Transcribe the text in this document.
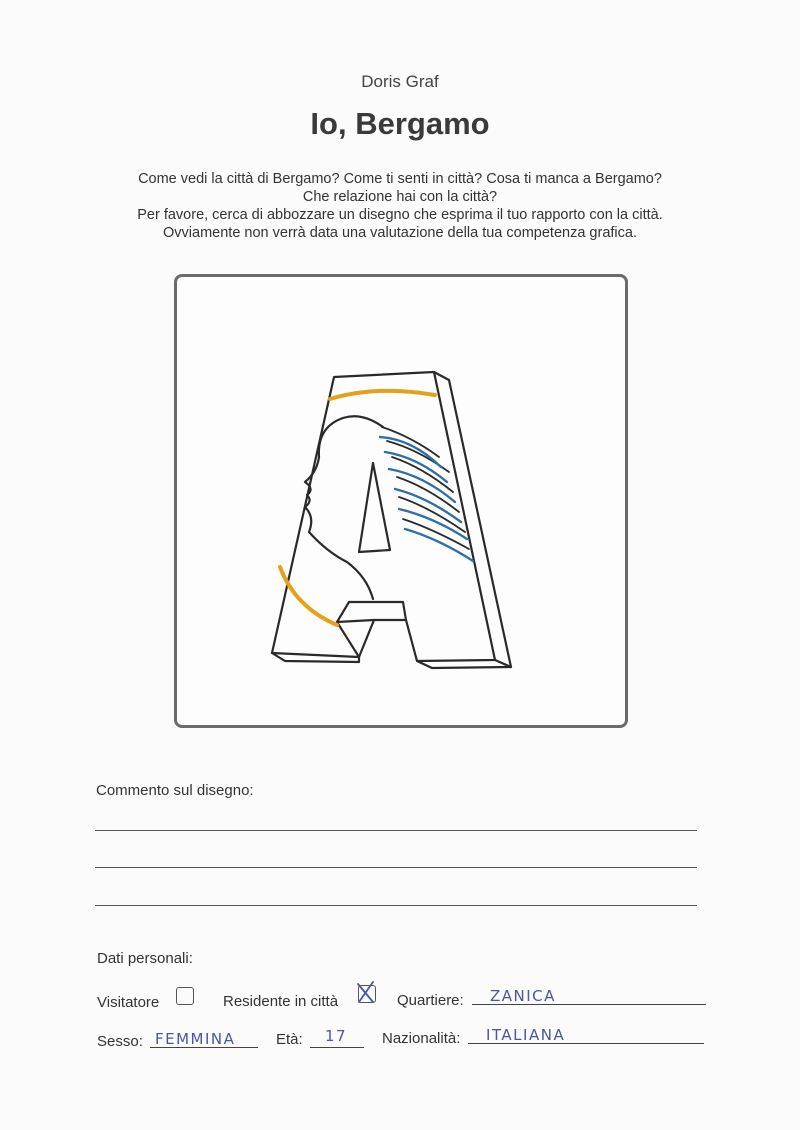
Doris Graf
Io, Bergamo
Come vedi la città di Bergamo? Come ti senti in città? Cosa ti manca a Bergamo?
Che relazione hai con la città?
Per favore, cerca di abbozzare un disegno che esprima il tuo rapporto con la città.
Ovviamente non verrà data una valutazione della tua competenza grafica.
Commento sul disegno:
Dati personali:
Visitatore	Residente in città	Quartiere: ZANICA
Sesso: FEMMINA	Età: 17 Nazionalità: ITALIANA
